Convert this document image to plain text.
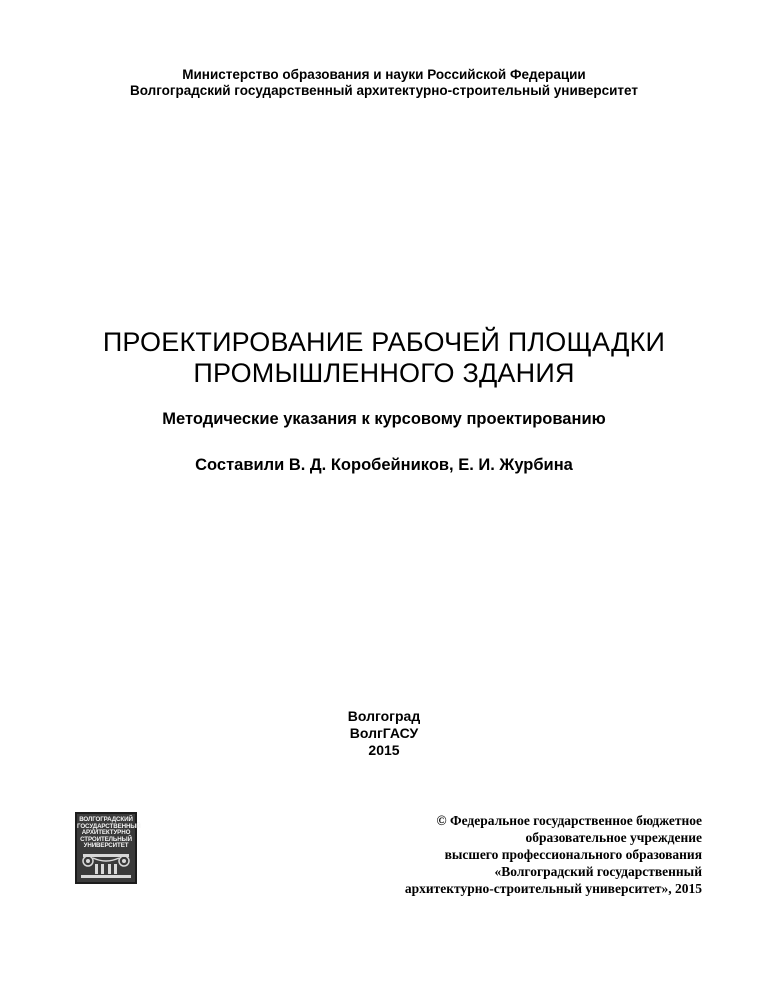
Министерство образования и науки Российской Федерации
Волгоградский государственный архитектурно-строительный университет
ПРОЕКТИРОВАНИЕ РАБОЧЕЙ ПЛОЩАДКИ
ПРОМЫШЛЕННОГО ЗДАНИЯ
Методические указания к курсовому проектированию
Составили В. Д. Коробейников, Е. И. Журбина
Волгоград
ВолгГАСУ
2015
ВОЛГОГРАДСКИЙ
ГОСУДАРСТВЕННЫЙ
АРХИТЕКТУРНО
СТРОИТЕЛЬНЫЙ
УНИВЕРСИТЕТ
© Федеральное государственное бюджетное
образовательное учреждение
высшего профессионального образования
«Волгоградский государственный
архитектурно-строительный университет», 2015
